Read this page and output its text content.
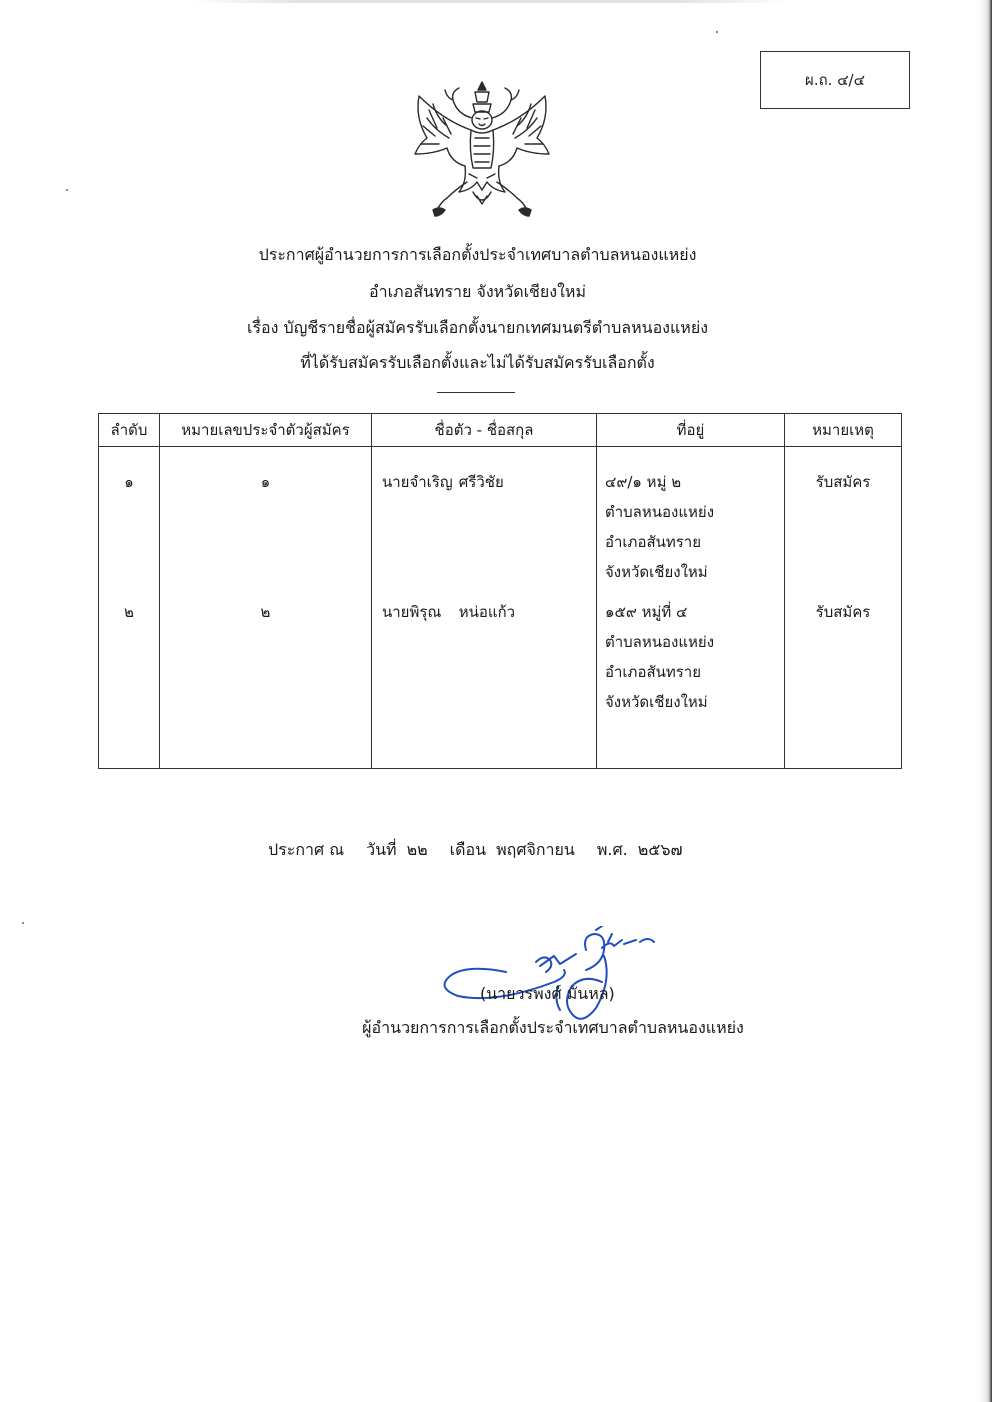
ผ.ถ. ๔/๔
ประกาศผู้อำนวยการการเลือกตั้งประจำเทศบาลตำบลหนองแหย่ง
อำเภอสันทราย จังหวัดเชียงใหม่
เรื่อง บัญชีรายชื่อผู้สมัครรับเลือกตั้งนายกเทศมนตรีตำบลหนองแหย่ง
ที่ได้รับสมัครรับเลือกตั้งและไม่ได้รับสมัครรับเลือกตั้ง
ลำดับ	หมายเลขประจำตัวผู้สมัคร	ชื่อตัว - ชื่อสกุล	ที่อยู่	หมายเหตุ

๑	๑	นายจำเริญ ศรีวิชัย	๔๙/๑ หมู่ ๒
ตำบลหนองแหย่ง
อำเภอสันทราย
จังหวัดเชียงใหม่	รับสมัคร

๒	๒	นายพิรุณ หน่อแก้ว	๑๕๙ หมู่ที่ ๔
ตำบลหนองแหย่ง
อำเภอสันทราย
จังหวัดเชียงใหม่	รับสมัคร
ประกาศ ณ วันที่ ๒๒ เดือน พฤศจิกายน พ.ศ. ๒๕๖๗
(นายวรพงศ์ มันหล)
ผู้อำนวยการการเลือกตั้งประจำเทศบาลตำบลหนองแหย่ง
